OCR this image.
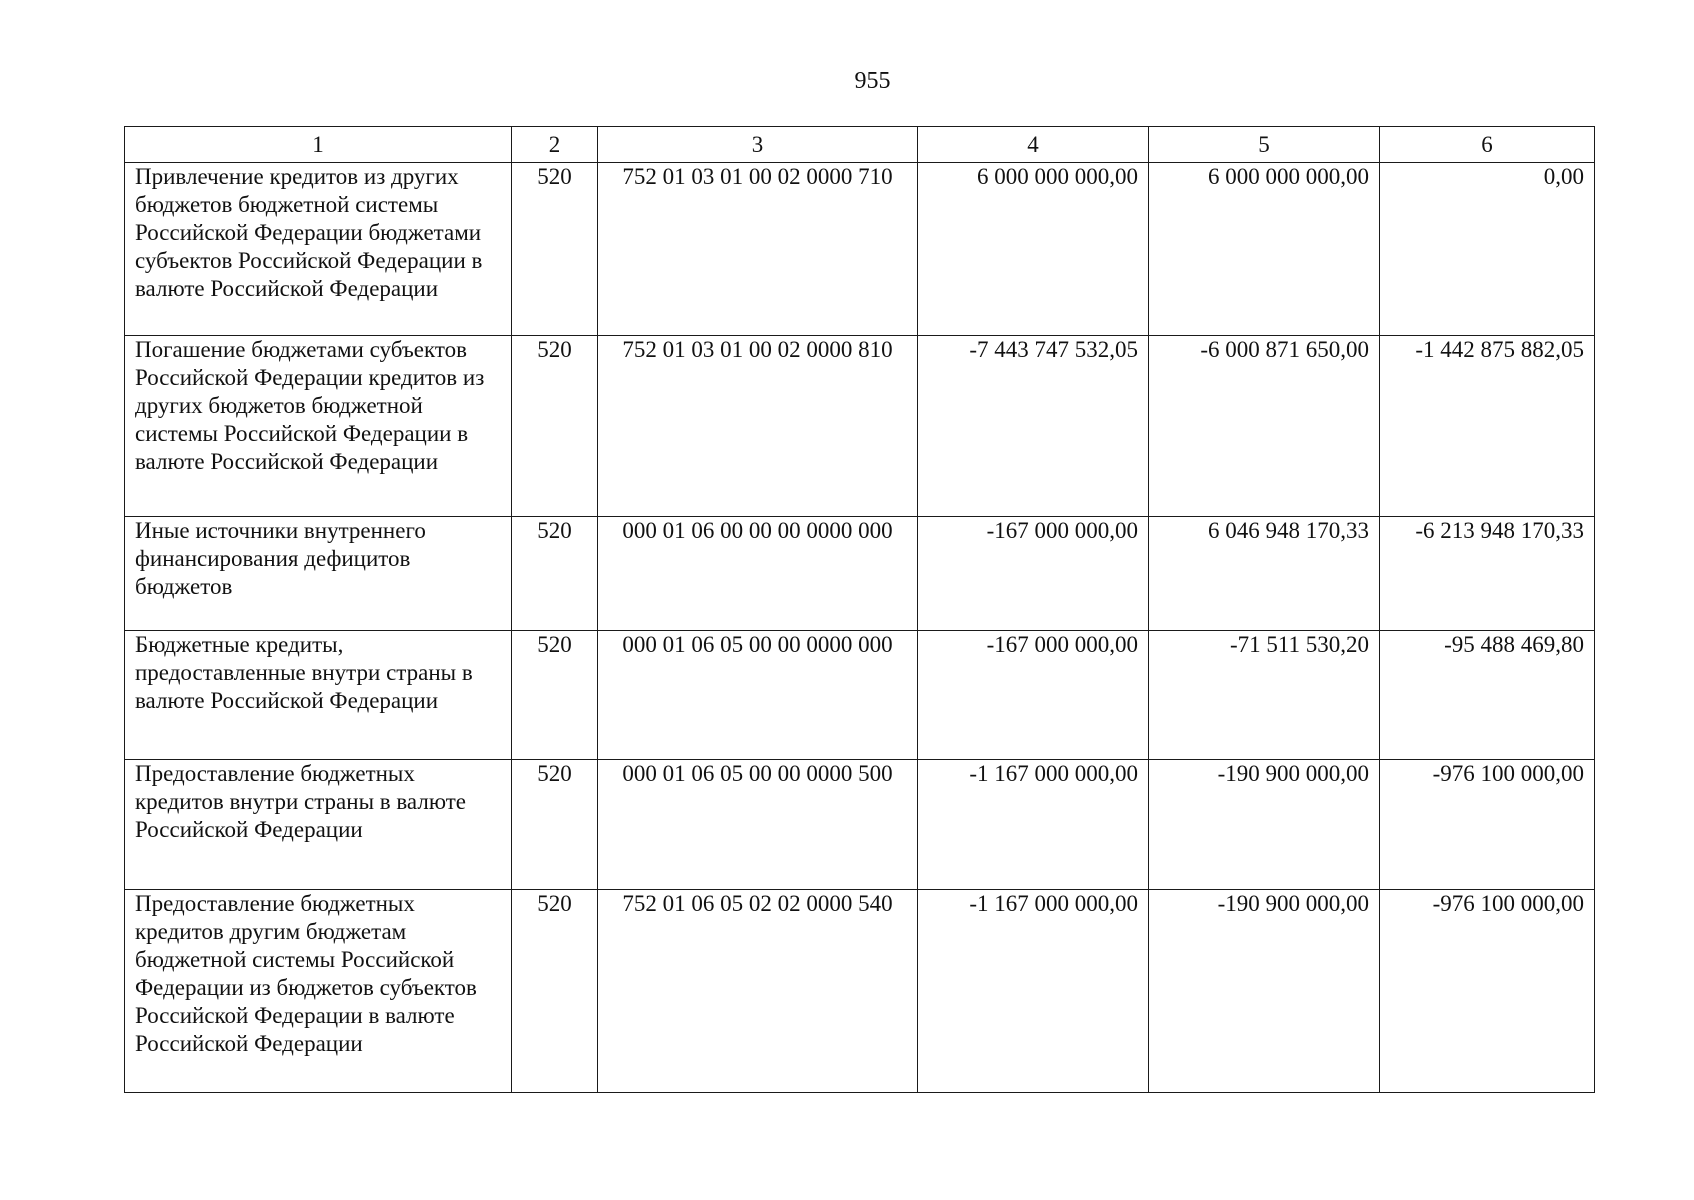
955
1	2	3	4	5	6
Привлечение кредитов из других бюджетов бюджетной системы Российской Федерации бюджетами субъектов Российской Федерации в валюте Российской Федерации	520	752 01 03 01 00 02 0000 710	6 000 000 000,00	6 000 000 000,00	0,00
Погашение бюджетами субъектов Российской Федерации кредитов из других бюджетов бюджетной системы Российской Федерации в валюте Российской Федерации	520	752 01 03 01 00 02 0000 810	-7 443 747 532,05	-6 000 871 650,00	-1 442 875 882,05
Иные источники внутреннего финансирования дефицитов бюджетов	520	000 01 06 00 00 00 0000 000	-167 000 000,00	6 046 948 170,33	-6 213 948 170,33
Бюджетные кредиты, предоставленные внутри страны в валюте Российской Федерации	520	000 01 06 05 00 00 0000 000	-167 000 000,00	-71 511 530,20	-95 488 469,80
Предоставление бюджетных кредитов внутри страны в валюте Российской Федерации	520	000 01 06 05 00 00 0000 500	-1 167 000 000,00	-190 900 000,00	-976 100 000,00
Предоставление бюджетных кредитов другим бюджетам бюджетной системы Российской Федерации из бюджетов субъектов Российской Федерации в валюте Российской Федерации	520	752 01 06 05 02 02 0000 540	-1 167 000 000,00	-190 900 000,00	-976 100 000,00
